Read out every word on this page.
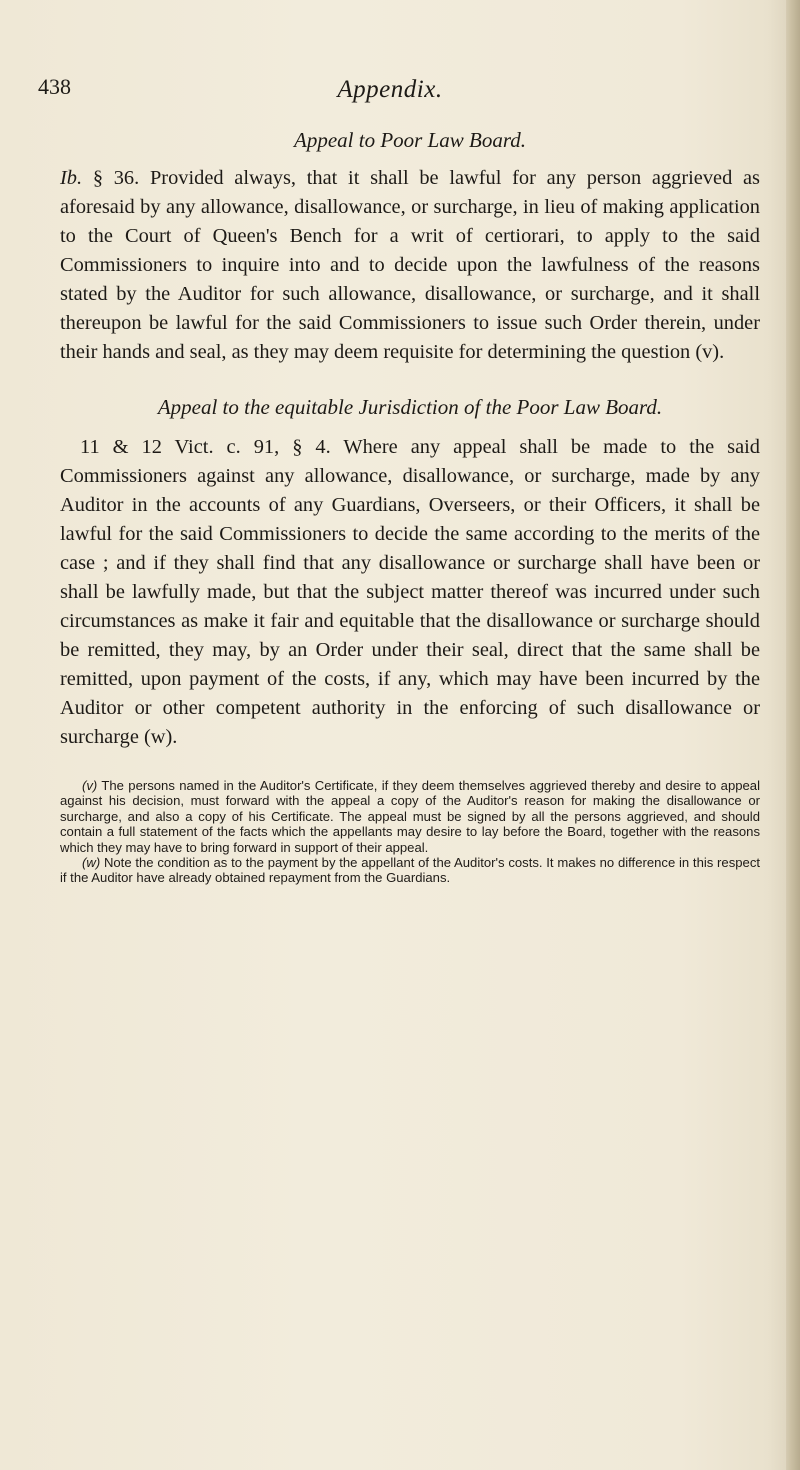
438	Appendix.
Appeal to Poor Law Board.

Ib. § 36. Provided always, that it shall be lawful for any person aggrieved as aforesaid by any allowance, disallowance, or surcharge, in lieu of making application to the Court of Queen's Bench for a writ of certiorari, to apply to the said Commissioners to inquire into and to decide upon the lawfulness of the reasons stated by the Auditor for such allowance, disallowance, or surcharge, and it shall thereupon be lawful for the said Commissioners to issue such Order therein, under their hands and seal, as they may deem requisite for determining the question (v).

Appeal to the equitable Jurisdiction of the Poor Law Board.

11 & 12 Vict. c. 91, § 4. Where any appeal shall be made to the said Commissioners against any allowance, disallowance, or surcharge, made by any Auditor in the accounts of any Guardians, Overseers, or their Officers, it shall be lawful for the said Commissioners to decide the same according to the merits of the case ; and if they shall find that any disallowance or surcharge shall have been or shall be lawfully made, but that the subject matter thereof was incurred under such circumstances as make it fair and equitable that the disallowance or surcharge should be remitted, they may, by an Order under their seal, direct that the same shall be remitted, upon payment of the costs, if any, which may have been incurred by the Auditor or other competent authority in the enforcing of such disallowance or surcharge (w).

(v) The persons named in the Auditor's Certificate, if they deem themselves aggrieved thereby and desire to appeal against his decision, must forward with the appeal a copy of the Auditor's reason for making the disallowance or surcharge, and also a copy of his Certificate. The appeal must be signed by all the persons aggrieved, and should contain a full statement of the facts which the appellants may desire to lay before the Board, together with the reasons which they may have to bring forward in support of their appeal.

(w) Note the condition as to the payment by the appellant of the Auditor's costs. It makes no difference in this respect if the Auditor have already obtained repayment from the Guardians.
